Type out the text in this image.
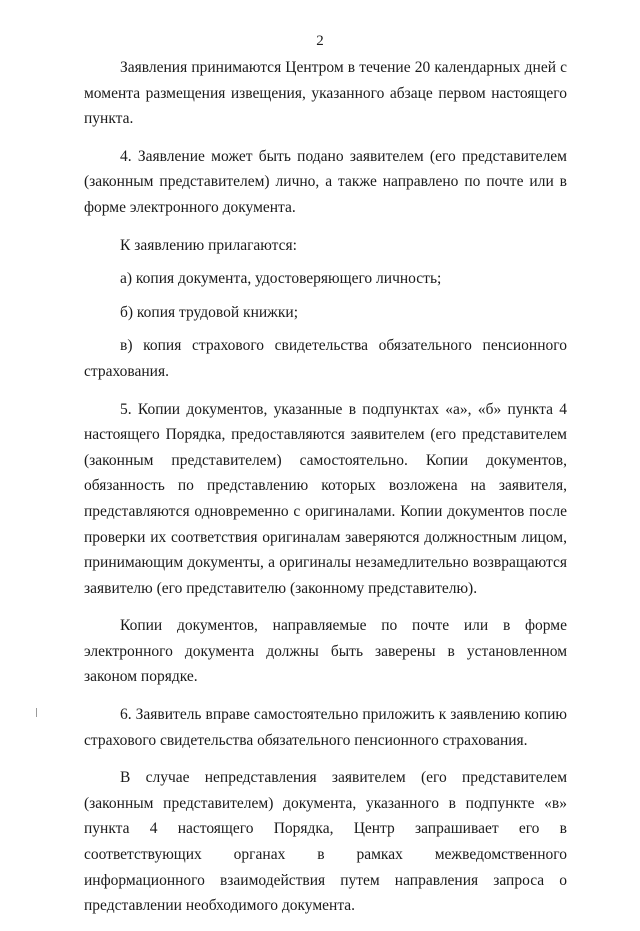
2

Заявления принимаются Центром в течение 20 календарных дней с момента размещения извещения, указанного абзаце первом настоящего пункта.

4. Заявление может быть подано заявителем (его представителем (законным представителем) лично, а также направлено по почте или в форме электронного документа.

К заявлению прилагаются:

а) копия документа, удостоверяющего личность;

б) копия трудовой книжки;

в) копия страхового свидетельства обязательного пенсионного страхования.

5. Копии документов, указанные в подпунктах «а», «б» пункта 4 настоящего Порядка, предоставляются заявителем (его представителем (законным представителем) самостоятельно. Копии документов, обязанность по представлению которых возложена на заявителя, представляются одновременно с оригиналами. Копии документов после проверки их соответствия оригиналам заверяются должностным лицом, принимающим документы, а оригиналы незамедлительно возвращаются заявителю (его представителю (законному представителю).

Копии документов, направляемые по почте или в форме электронного документа должны быть заверены в установленном законом порядке.

6. Заявитель вправе самостоятельно приложить к заявлению копию страхового свидетельства обязательного пенсионного страхования.

В случае непредставления заявителем (его представителем (законным представителем) документа, указанного в подпункте «в» пункта 4 настоящего Порядка, Центр запрашивает его в соответствующих органах в рамках межведомственного информационного взаимодействия путем направления запроса о представлении необходимого документа.
